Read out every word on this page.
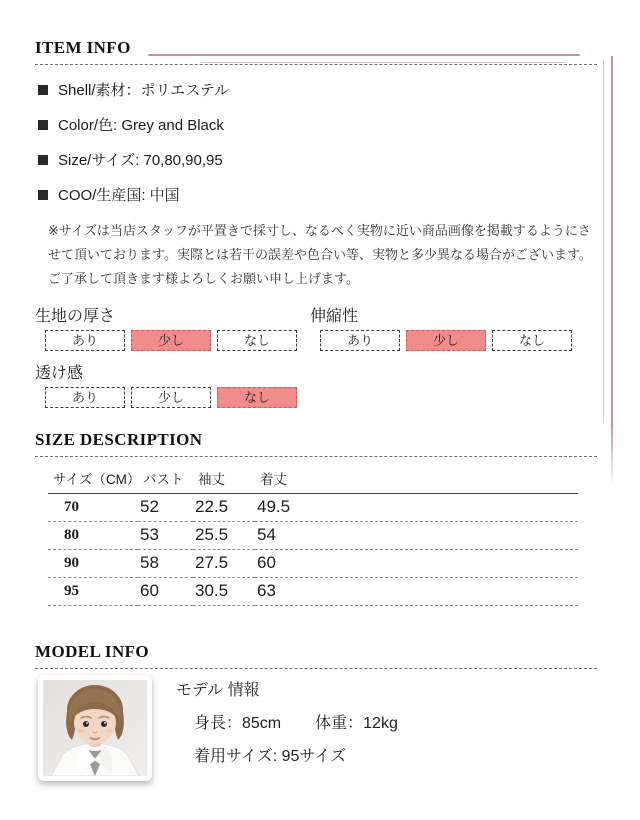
ITEM INFO
Shell/素材：ポリエステル
Color/色: Grey and Black
Size/サイズ: 70,80,90,95
COO/生産国: 中国

※サイズは当店スタッフが平置きで採寸し、なるべく実物に近い商品画像を掲載するようにさせて頂いております。実際とは若干の誤差や色合い等、実物と多少異なる場合がございます。ご了承して頂きます様よろしくお願い申し上げます。

生地の厚さ
あり	少し	なし
透け感
あり	少し	なし
伸縮性
あり	少し	なし
SIZE DESCRIPTION
サイズ（CM）	バスト	袖丈	着丈
70	52	22.5	49.5
80	53	25.5	54
90	58	27.5	60
95	60	30.5	63
MODEL INFO
モデル 情報
身長：85cm 体重：12kg
着用サイズ: 95サイズ
